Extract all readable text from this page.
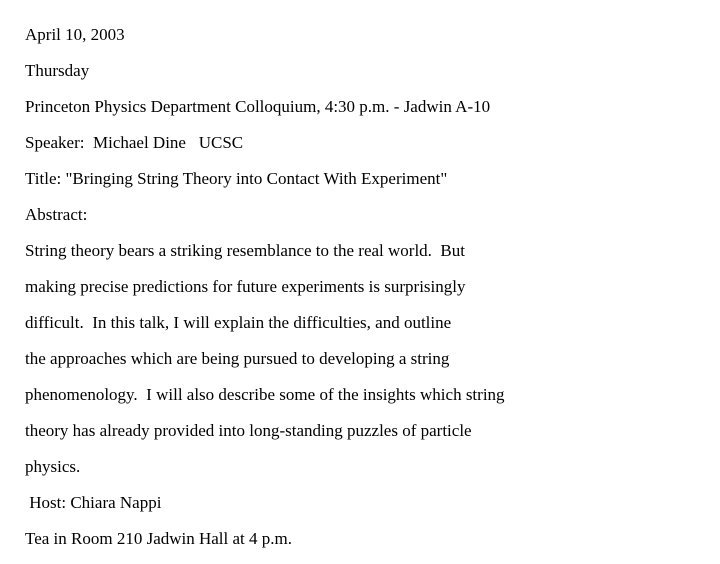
April 10, 2003
Thursday
Princeton Physics Department Colloquium, 4:30 p.m. - Jadwin A-10
Speaker:  Michael Dine   UCSC
Title: "Bringing String Theory into Contact With Experiment"
Abstract:
String theory bears a striking resemblance to the real world.  But
making precise predictions for future experiments is surprisingly
difficult.  In this talk, I will explain the difficulties, and outline
the approaches which are being pursued to developing a string
phenomenology.  I will also describe some of the insights which string
theory has already provided into long-standing puzzles of particle
physics.
Host: Chiara Nappi
Tea in Room 210 Jadwin Hall at 4 p.m.
